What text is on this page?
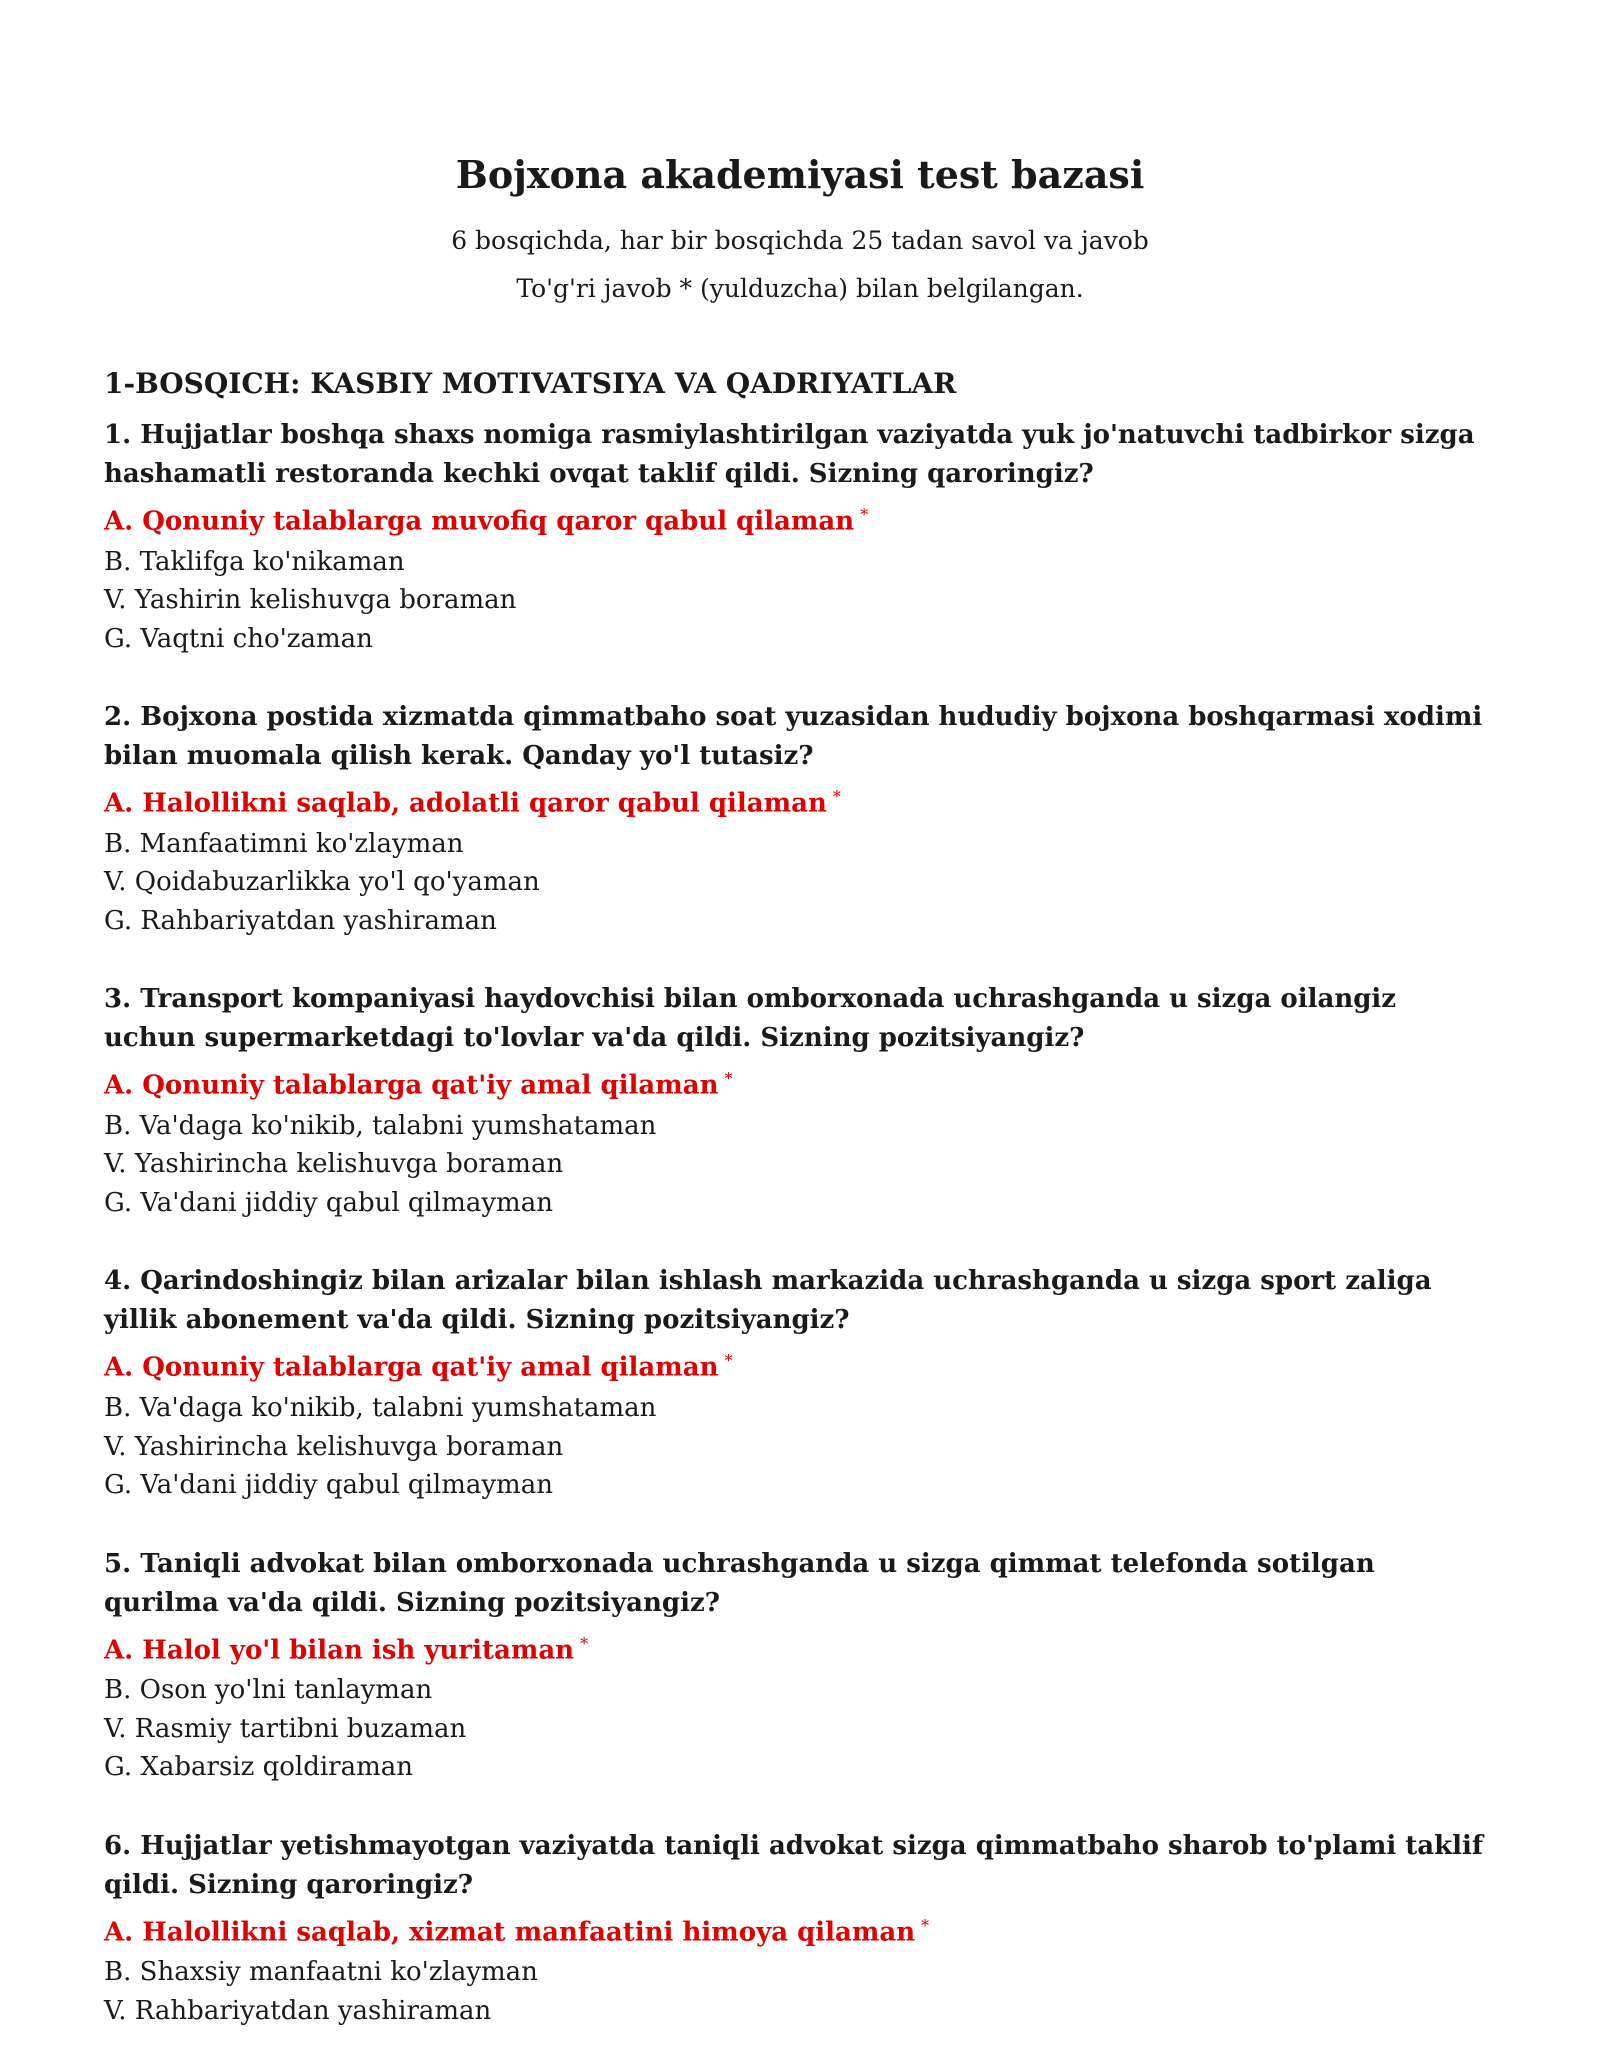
Bojxona akademiyasi test bazasi

6 bosqichda, har bir bosqichda 25 tadan savol va javob

To'g'ri javob * (yulduzcha) bilan belgilangan.

1-BOSQICH: KASBIY MOTIVATSIYA VA QADRIYATLAR

1. Hujjatlar boshqa shaxs nomiga rasmiylashtirilgan vaziyatda yuk jo'natuvchi tadbirkor sizga hashamatli restoranda kechki ovqat taklif qildi. Sizning qaroringiz?

A. Qonuniy talablarga muvofiq qaror qabul qilaman *

B. Taklifga ko'nikaman

V. Yashirin kelishuvga boraman

G. Vaqtni cho'zaman

2. Bojxona postida xizmatda qimmatbaho soat yuzasidan hududiy bojxona boshqarmasi xodimi bilan muomala qilish kerak. Qanday yo'l tutasiz?

A. Halollikni saqlab, adolatli qaror qabul qilaman *

B. Manfaatimni ko'zlayman

V. Qoidabuzarlikka yo'l qo'yaman

G. Rahbariyatdan yashiraman

3. Transport kompaniyasi haydovchisi bilan omborxonada uchrashganda u sizga oilangiz uchun supermarketdagi to'lovlar va'da qildi. Sizning pozitsiyangiz?

A. Qonuniy talablarga qat'iy amal qilaman *

B. Va'daga ko'nikib, talabni yumshataman

V. Yashirincha kelishuvga boraman

G. Va'dani jiddiy qabul qilmayman

4. Qarindoshingiz bilan arizalar bilan ishlash markazida uchrashganda u sizga sport zaliga yillik abonement va'da qildi. Sizning pozitsiyangiz?

A. Qonuniy talablarga qat'iy amal qilaman *

B. Va'daga ko'nikib, talabni yumshataman

V. Yashirincha kelishuvga boraman

G. Va'dani jiddiy qabul qilmayman

5. Taniqli advokat bilan omborxonada uchrashganda u sizga qimmat telefonda sotilgan qurilma va'da qildi. Sizning pozitsiyangiz?

A. Halol yo'l bilan ish yuritaman *

B. Oson yo'lni tanlayman

V. Rasmiy tartibni buzaman

G. Xabarsiz qoldiraman

6. Hujjatlar yetishmayotgan vaziyatda taniqli advokat sizga qimmatbaho sharob to'plami taklif qildi. Sizning qaroringiz?

A. Halollikni saqlab, xizmat manfaatini himoya qilaman *

B. Shaxsiy manfaatni ko'zlayman

V. Rahbariyatdan yashiraman
